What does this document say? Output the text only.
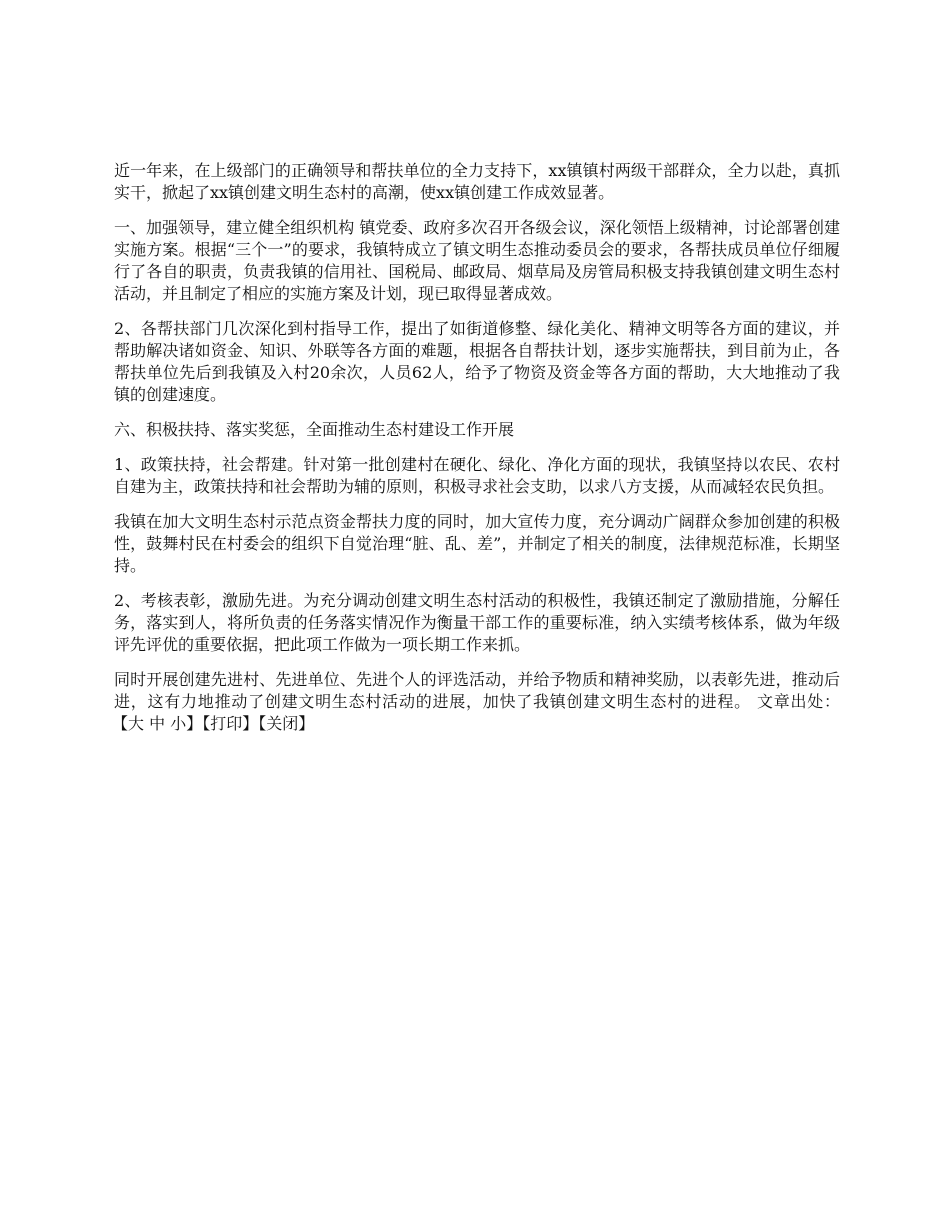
近一年来，在上级部门的正确领导和帮扶单位的全力支持下，xx镇镇村两级干部群众，全力以赴，真抓实干，掀起了xx镇创建文明生态村的高潮，使xx镇创建工作成效显著。

一、加强领导，建立健全组织机构 镇党委、政府多次召开各级会议，深化领悟上级精神，讨论部署创建实施方案。根据“三个一”的要求，我镇特成立了镇文明生态推动委员会的要求，各帮扶成员单位仔细履行了各自的职责，负责我镇的信用社、国税局、邮政局、烟草局及房管局积极支持我镇创建文明生态村活动，并且制定了相应的实施方案及计划，现已取得显著成效。

2、各帮扶部门几次深化到村指导工作，提出了如街道修整、绿化美化、精神文明等各方面的建议，并帮助解决诸如资金、知识、外联等各方面的难题，根据各自帮扶计划，逐步实施帮扶，到目前为止，各帮扶单位先后到我镇及入村20余次，人员62人，给予了物资及资金等各方面的帮助，大大地推动了我镇的创建速度。

六、积极扶持、落实奖惩，全面推动生态村建设工作开展

1、政策扶持，社会帮建。针对第一批创建村在硬化、绿化、净化方面的现状，我镇坚持以农民、农村自建为主，政策扶持和社会帮助为辅的原则，积极寻求社会支助，以求八方支援，从而减轻农民负担。

我镇在加大文明生态村示范点资金帮扶力度的同时，加大宣传力度，充分调动广阔群众参加创建的积极性，鼓舞村民在村委会的组织下自觉治理“脏、乱、差”，并制定了相关的制度，法律规范标准，长期坚持。

2、考核表彰，激励先进。为充分调动创建文明生态村活动的积极性，我镇还制定了激励措施，分解任务，落实到人，将所负责的任务落实情况作为衡量干部工作的重要标准，纳入实绩考核体系，做为年级评先评优的重要依据，把此项工作做为一项长期工作来抓。

同时开展创建先进村、先进单位、先进个人的评选活动，并给予物质和精神奖励，以表彰先进，推动后进，这有力地推动了创建文明生态村活动的进展，加快了我镇创建文明生态村的进程。 文章出处：【大 中 小】【打印】【关闭】
